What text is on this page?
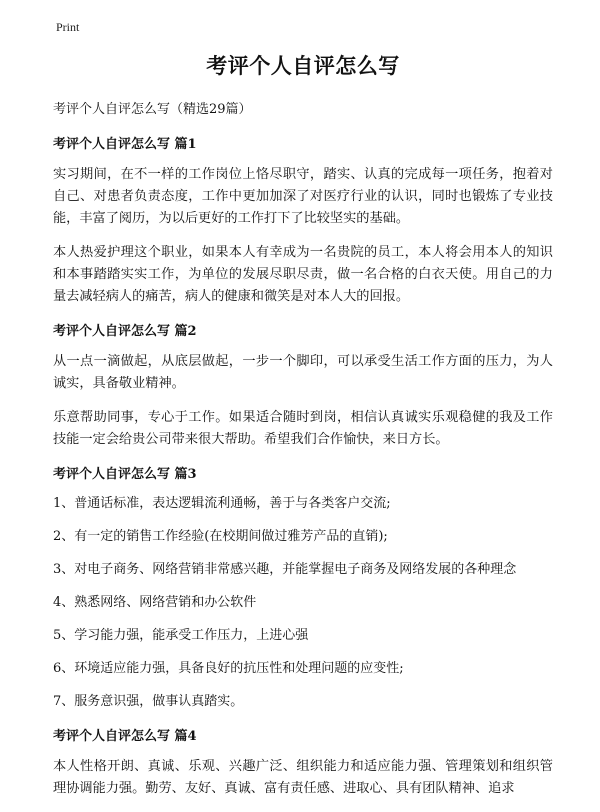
Print
考评个人自评怎么写

考评个人自评怎么写（精选29篇）

考评个人自评怎么写 篇1

实习期间，在不一样的工作岗位上恪尽职守，踏实、认真的完成每一项任务，抱着对自己、对患者负责态度，工作中更加加深了对医疗行业的认识，同时也锻炼了专业技能，丰富了阅历，为以后更好的工作打下了比较坚实的基础。

本人热爱护理这个职业，如果本人有幸成为一名贵院的员工，本人将会用本人的知识和本事踏踏实实工作，为单位的发展尽职尽责，做一名合格的白衣天使。用自己的力量去减轻病人的痛苦，病人的健康和微笑是对本人大的回报。

考评个人自评怎么写 篇2

从一点一滴做起，从底层做起，一步一个脚印，可以承受生活工作方面的压力，为人诚实，具备敬业精神。

乐意帮助同事，专心于工作。如果适合随时到岗，相信认真诚实乐观稳健的我及工作技能一定会给贵公司带来很大帮助。希望我们合作愉快，来日方长。

考评个人自评怎么写 篇3

1、普通话标准，表达逻辑流利通畅，善于与各类客户交流;

2、有一定的销售工作经验(在校期间做过雅芳产品的直销);

3、对电子商务、网络营销非常感兴趣，并能掌握电子商务及网络发展的各种理念

4、熟悉网络、网络营销和办公软件

5、学习能力强，能承受工作压力，上进心强

6、环境适应能力强，具备良好的抗压性和处理问题的应变性;

7、服务意识强，做事认真踏实。

考评个人自评怎么写 篇4

本人性格开朗、真诚、乐观、兴趣广泛、组织能力和适应能力强、管理策划和组织管理协调能力强。勤劳、友好、真诚、富有责任感、进取心、具有团队精神、追求
